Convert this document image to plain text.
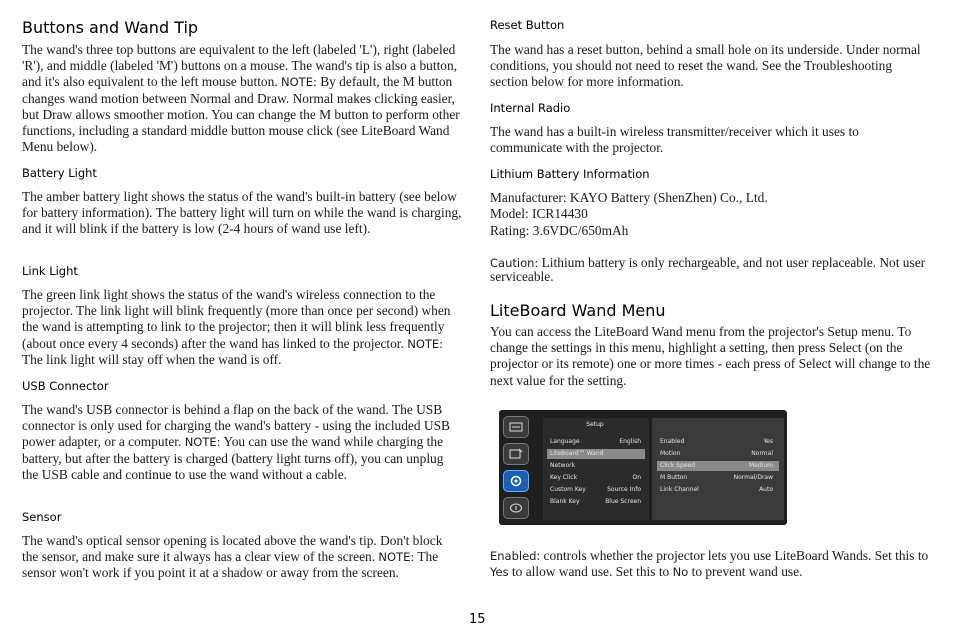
Buttons and Wand Tip

The wand's three top buttons are equivalent to the left (labeled 'L'), right (labeled 'R'), and middle (labeled 'M') buttons on a mouse. The wand's tip is also a button, and it's also equivalent to the left mouse button. NOTE: By default, the M button changes wand motion between Normal and Draw. Normal makes clicking easier, but Draw allows smoother motion. You can change the M button to perform other functions, including a standard middle button mouse click (see LiteBoard Wand Menu below).

Battery Light

The amber battery light shows the status of the wand's built-in battery (see below for battery information). The battery light will turn on while the wand is charging, and it will blink if the battery is low (2-4 hours of wand use left).

Link Light

The green link light shows the status of the wand's wireless connection to the projector. The link light will blink frequently (more than once per second) when the wand is attempting to link to the projector; then it will blink less frequently (about once every 4 seconds) after the wand has linked to the projector. NOTE: The link light will stay off when the wand is off.

USB Connector

The wand's USB connector is behind a flap on the back of the wand. The USB connector is only used for charging the wand's battery - using the included USB power adapter, or a computer. NOTE: You can use the wand while charging the battery, but after the battery is charged (battery light turns off), you can unplug the USB cable and continue to use the wand without a cable.

Sensor

The wand's optical sensor opening is located above the wand's tip. Don't block the sensor, and make sure it always has a clear view of the screen. NOTE: The sensor won't work if you point it at a shadow or away from the screen.

Reset Button

The wand has a reset button, behind a small hole on its underside. Under normal conditions, you should not need to reset the wand. See the Troubleshooting section below for more information.

Internal Radio

The wand has a built-in wireless transmitter/receiver which it uses to communicate with the projector.

Lithium Battery Information

Manufacturer: KAYO Battery (ShenZhen) Co., Ltd.

Model: ICR14430

Rating: 3.6VDC/650mAh

Caution: Lithium battery is only rechargeable, and not user replaceable. Not user serviceable.

LiteBoard Wand Menu

You can access the LiteBoard Wand menu from the projector's Setup menu. To change the settings in this menu, highlight a setting, then press Select (on the projector or its remote) one or more times - each press of Select will change to the next value for the setting.

Enabled: controls whether the projector lets you use LiteBoard Wands. Set this to Yes to allow wand use. Set this to No to prevent wand use.

Setup
Language	English
LiteBoard™ Wand
Network
Key Click	On
Custom Key	Source Info
Blank Key	Blue Screen
Enabled	Yes
Motion	Normal
Click Speed	Medium
M Button	Normal/Draw
Link Channel	Auto
15
